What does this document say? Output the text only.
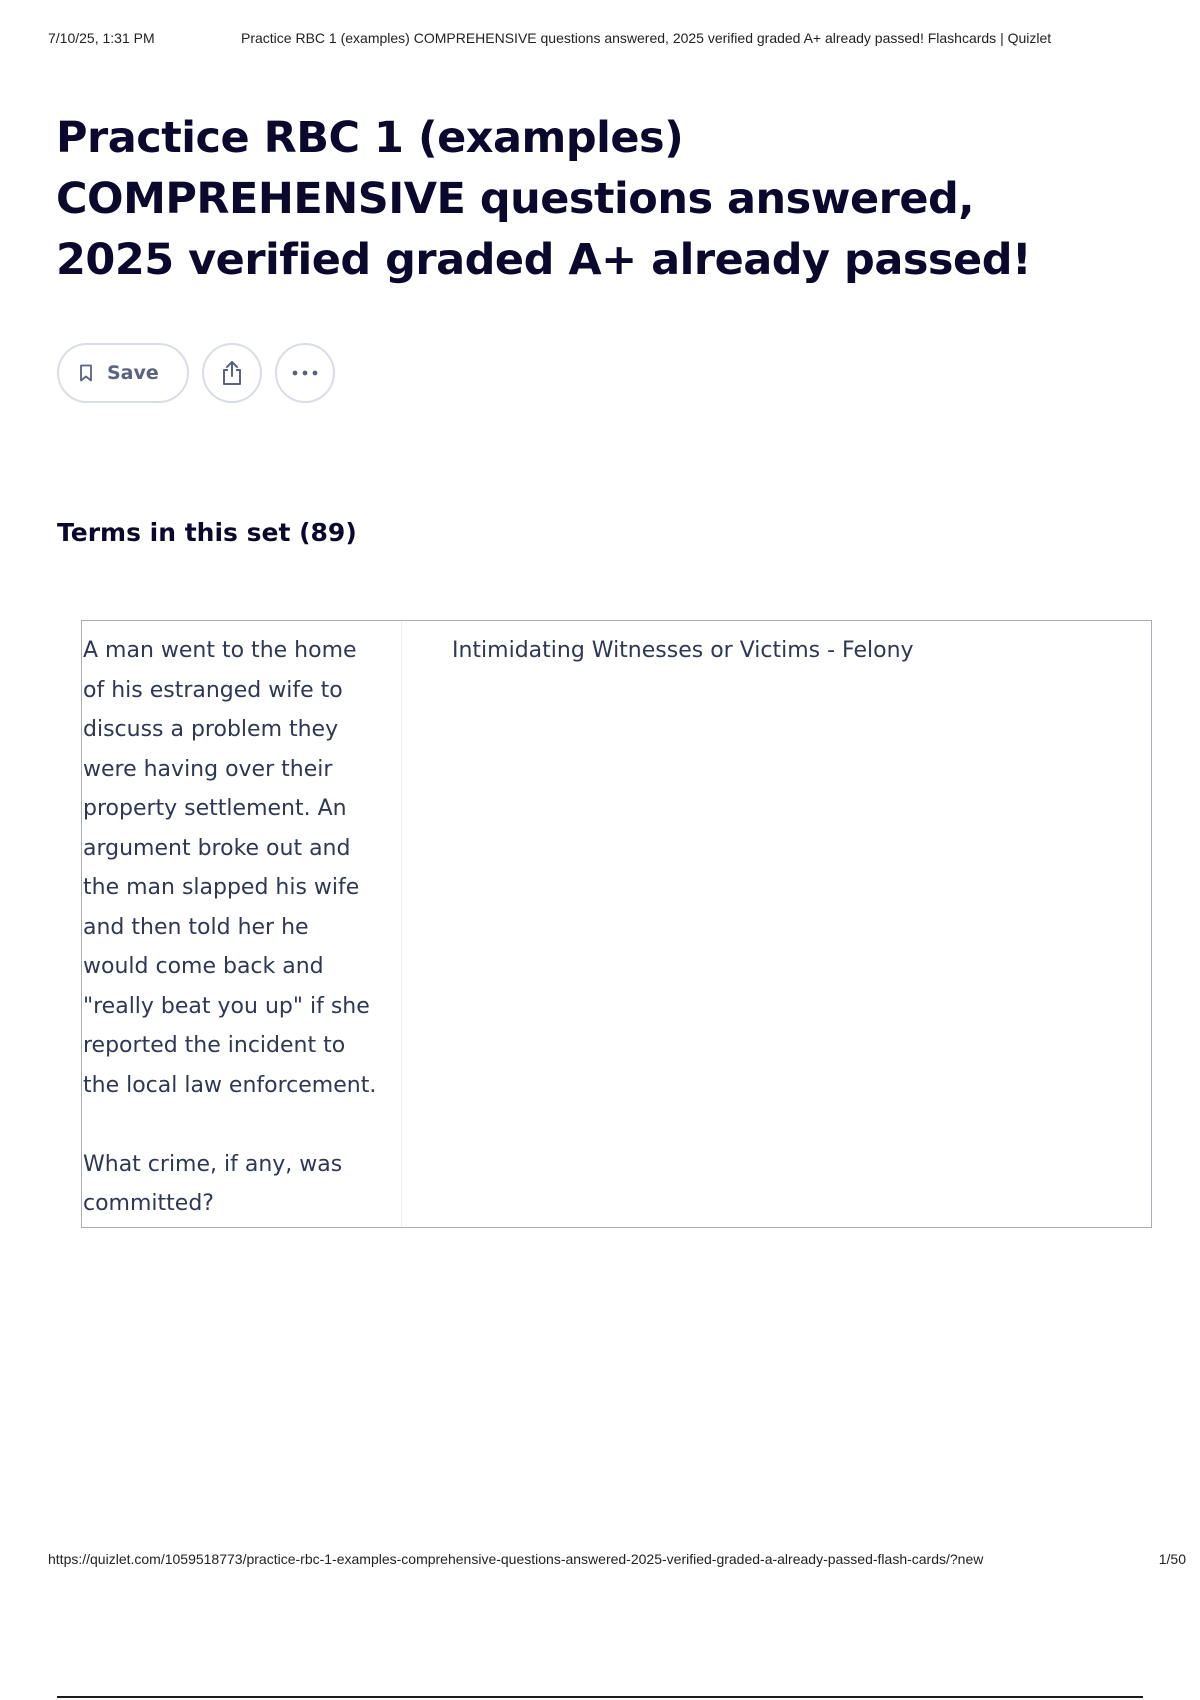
7/10/25, 1:31 PM	Practice RBC 1 (examples) COMPREHENSIVE questions answered, 2025 verified graded A+ already passed! Flashcards | Quizlet
Practice RBC 1 (examples) COMPREHENSIVE questions answered, 2025 verified graded A+ already passed!
Save
Terms in this set (89)
A man went to the home
of his estranged wife to
discuss a problem they
were having over their
property settlement. An
argument broke out and
the man slapped his wife
and then told her he
would come back and
"really beat you up" if she
reported the incident to
the local law enforcement.

What crime, if any, was
committed?
Intimidating Witnesses or Victims - Felony
https://quizlet.com/1059518773/practice-rbc-1-examples-comprehensive-questions-answered-2025-verified-graded-a-already-passed-flash-cards/?new	1/50
